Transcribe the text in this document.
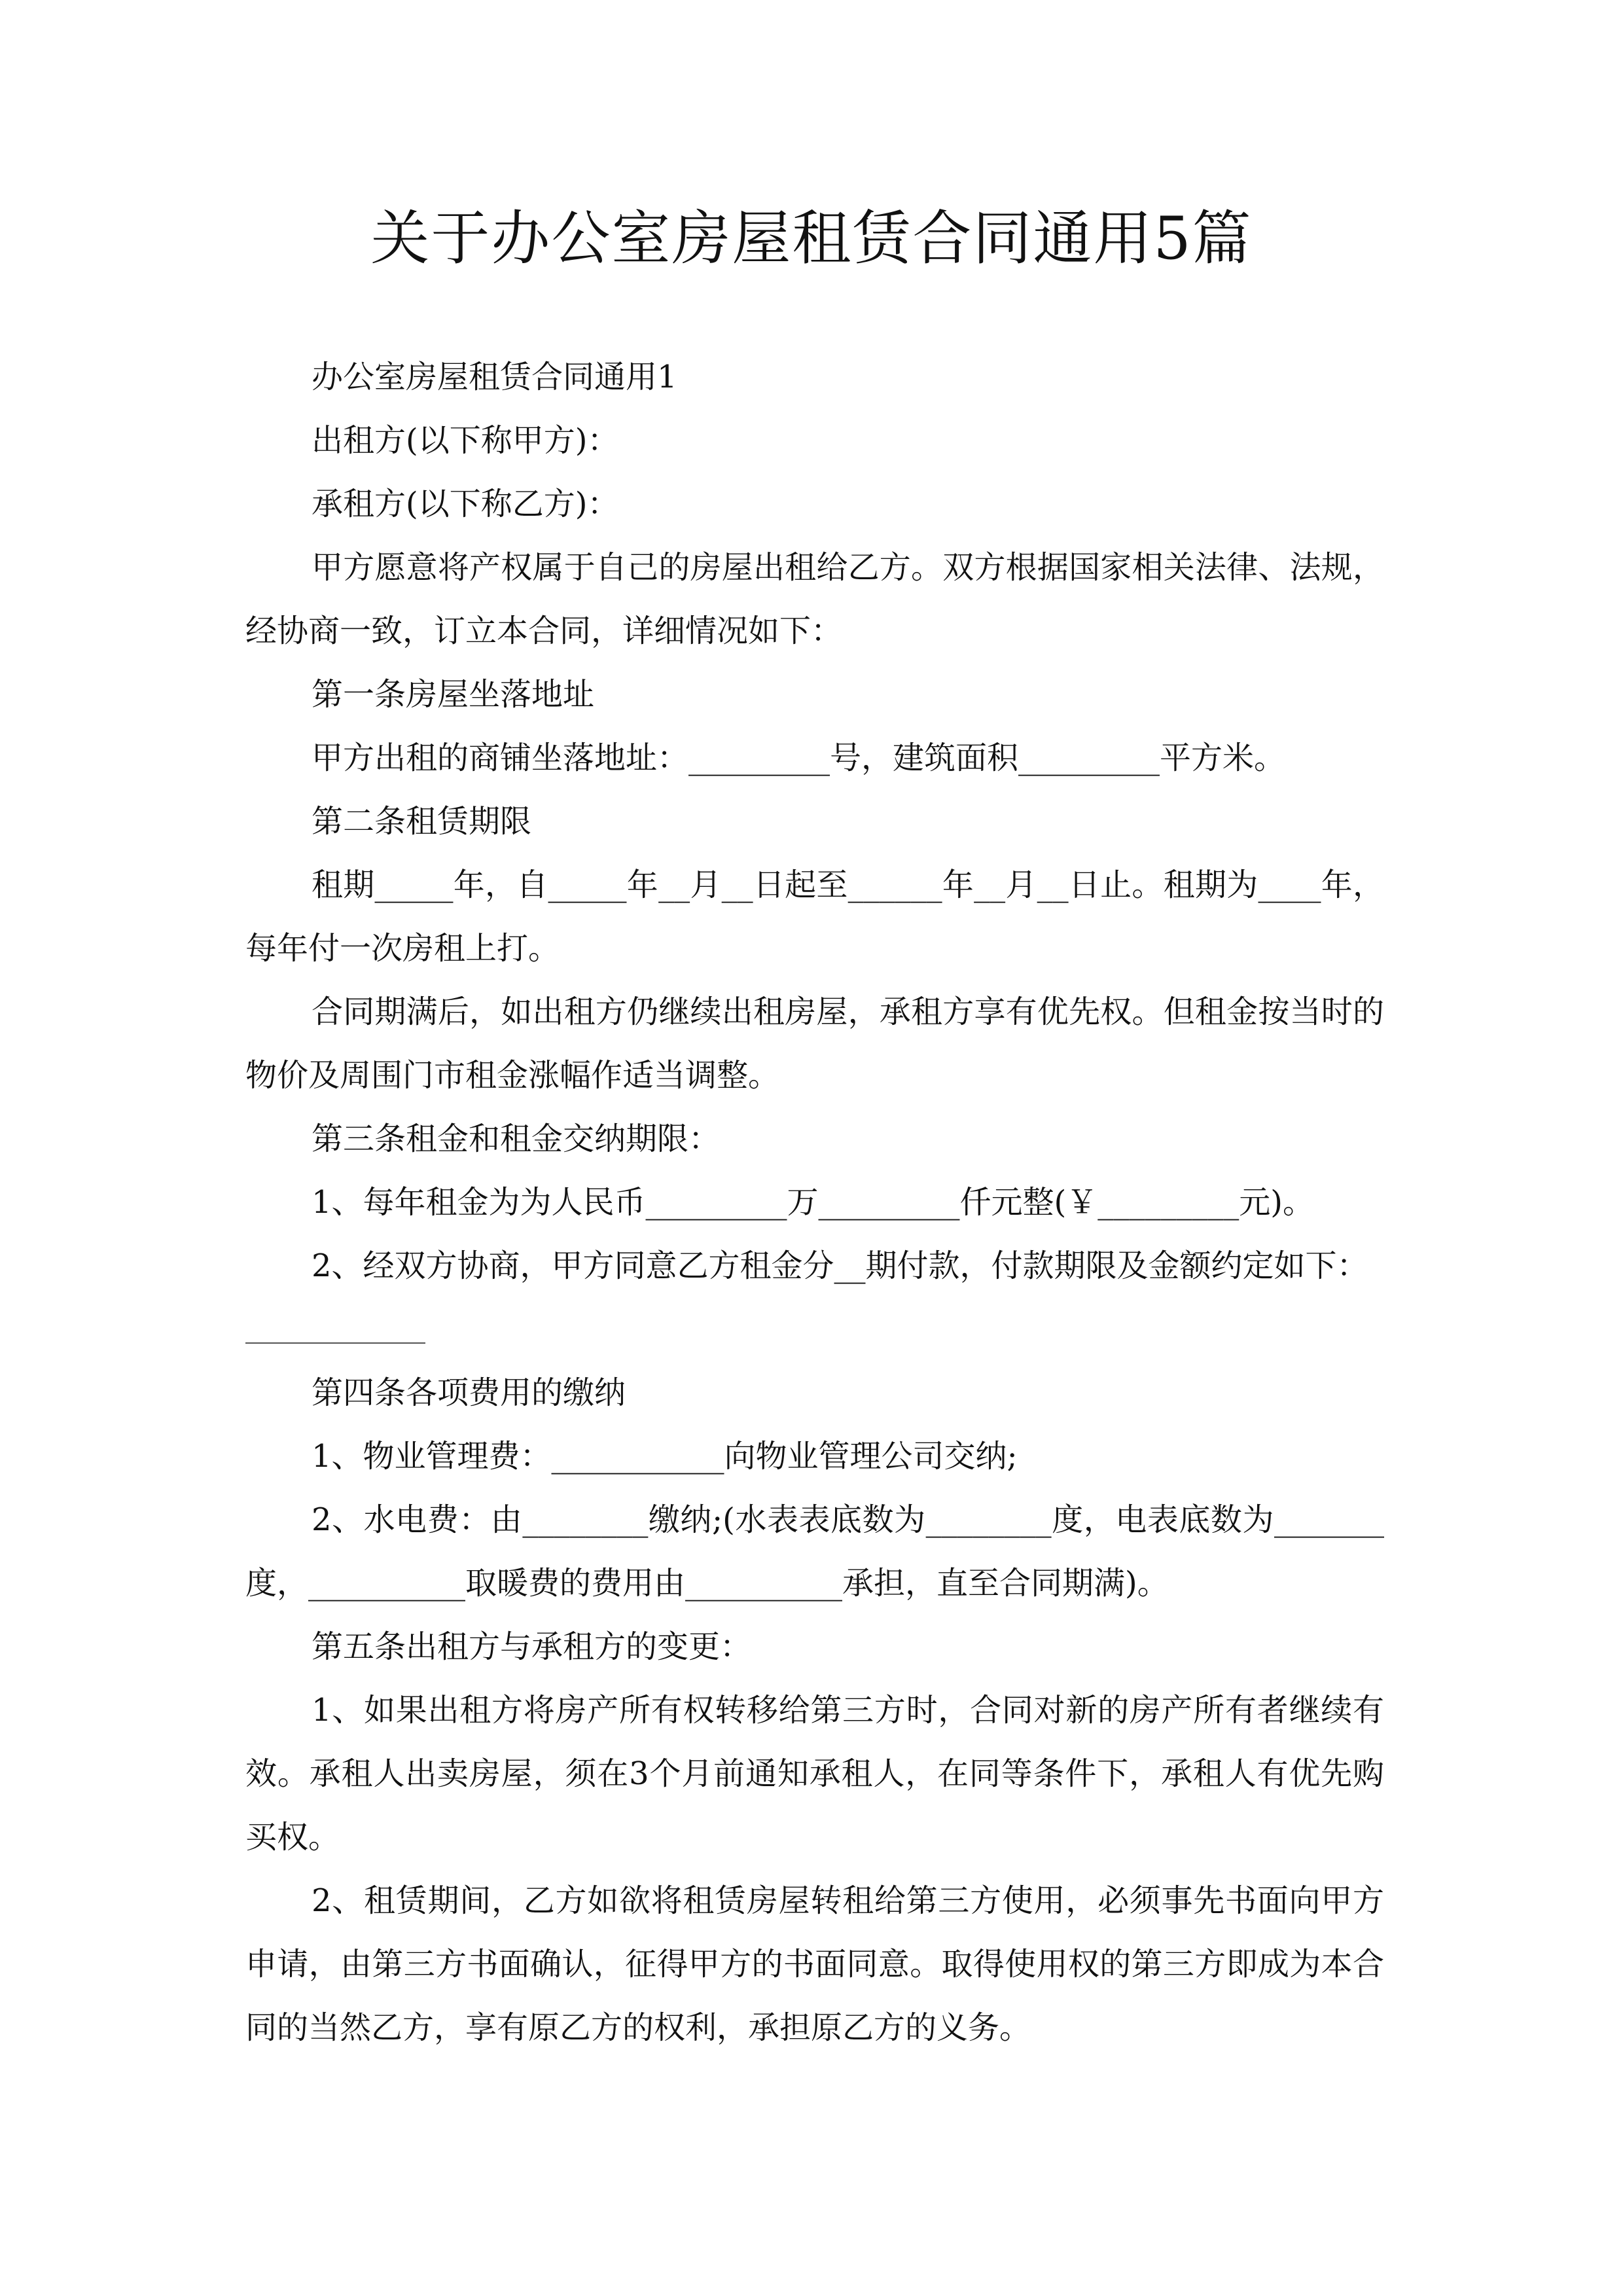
关于办公室房屋租赁合同通用5篇

办公室房屋租赁合同通用1

出租方(以下称甲方)：

承租方(以下称乙方)：

甲方愿意将产权属于自己的房屋出租给乙方。双方根据国家相关法律、法规，经协商一致，订立本合同，详细情况如下：

第一条房屋坐落地址

甲方出租的商铺坐落地址：_________号，建筑面积_________平方米。

第二条租赁期限

租期_____年，自_____年__月__日起至______年__月__日止。租期为____年，每年付一次房租上打。

合同期满后，如出租方仍继续出租房屋，承租方享有优先权。但租金按当时的物价及周围门市租金涨幅作适当调整。

第三条租金和租金交纳期限：

1、每年租金为为人民币_________万_________仟元整(￥_________元)。

2、经双方协商，甲方同意乙方租金分__期付款，付款期限及金额约定如下：

第四条各项费用的缴纳

1、物业管理费：___________向物业管理公司交纳;

2、水电费：由________缴纳;(水表表底数为________度，电表底数为_______度，__________取暖费的费用由__________承担，直至合同期满)。

第五条出租方与承租方的变更：

1、如果出租方将房产所有权转移给第三方时，合同对新的房产所有者继续有效。承租人出卖房屋，须在3个月前通知承租人，在同等条件下，承租人有优先购买权。

2、租赁期间，乙方如欲将租赁房屋转租给第三方使用，必须事先书面向甲方申请，由第三方书面确认，征得甲方的书面同意。取得使用权的第三方即成为本合同的当然乙方，享有原乙方的权利，承担原乙方的义务。
